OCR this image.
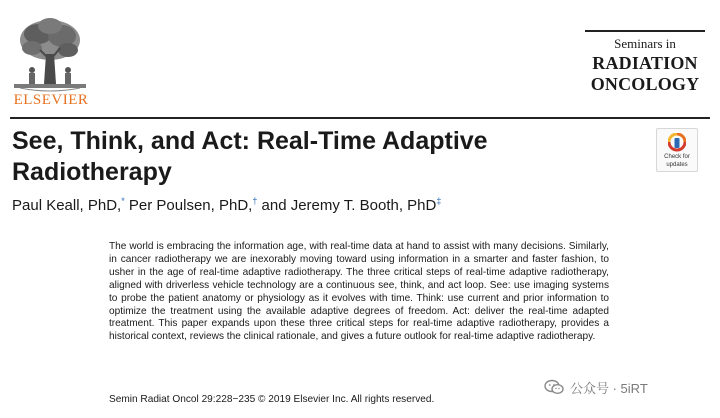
ELSEVIER
Seminars in
RADIATION
ONCOLOGY
See, Think, and Act: Real-Time Adaptive Radiotherapy
Check for
updates
Paul Keall, PhD,* Per Poulsen, PhD,† and Jeremy T. Booth, PhD‡

The world is embracing the information age, with real-time data at hand to assist with many decisions. Similarly, in cancer radiotherapy we are inexorably moving toward using information in a smarter and faster fashion, to usher in the age of real-time adaptive radiotherapy. The three critical steps of real-time adaptive radiotherapy, aligned with driverless vehicle technology are a continuous see, think, and act loop. See: use imaging systems to probe the patient anatomy or physiology as it evolves with time. Think: use current and prior information to optimize the treatment using the available adaptive degrees of freedom. Act: deliver the real-time adapted treatment. This paper expands upon these three critical steps for real-time adaptive radiotherapy, provides a historical context, reviews the clinical rationale, and gives a future outlook for real-time adaptive radiotherapy.

Semin Radiat Oncol 29:228−235 © 2019 Elsevier Inc. All rights reserved.
公众号 · 5iRT
